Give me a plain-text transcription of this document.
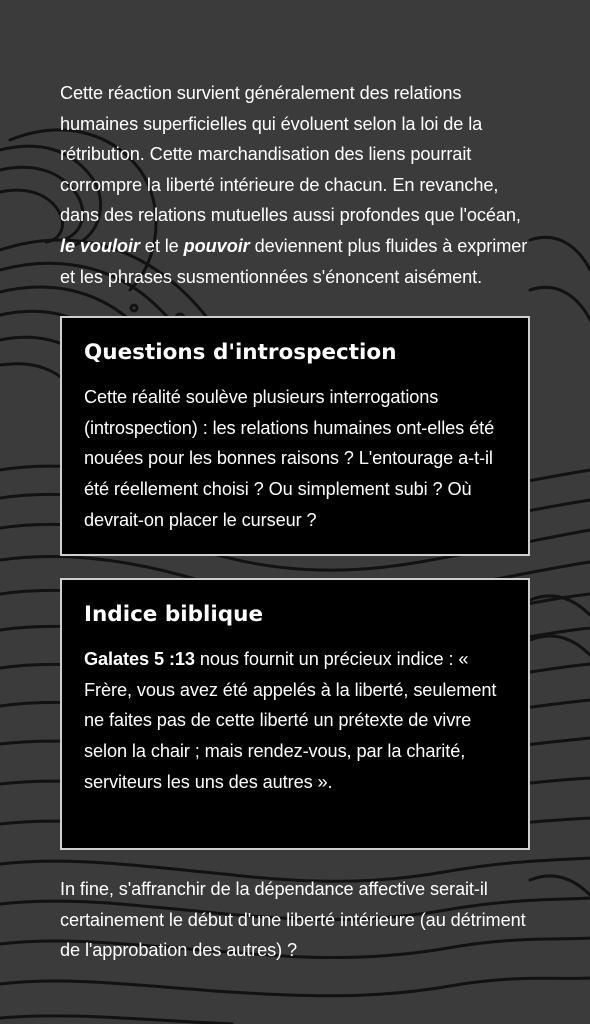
Cette réaction survient généralement des relations humaines superficielles qui évoluent selon la loi de la rétribution. Cette marchandisation des liens pourrait corrompre la liberté intérieure de chacun. En revanche, dans des relations mutuelles aussi profondes que l'océan, le vouloir et le pouvoir deviennent plus fluides à exprimer et les phrases susmentionnées s'énoncent aisément.

Questions d'introspection

Cette réalité soulève plusieurs interrogations (introspection) : les relations humaines ont-elles été nouées pour les bonnes raisons ? L'entourage a-t-il été réellement choisi ? Ou simplement subi ? Où devrait-on placer le curseur ?

Indice biblique

Galates 5 :13 nous fournit un précieux indice : « Frère, vous avez été appelés à la liberté, seulement ne faites pas de cette liberté un prétexte de vivre selon la chair ; mais rendez-vous, par la charité, serviteurs les uns des autres ».

In fine, s'affranchir de la dépendance affective serait-il certainement le début d'une liberté intérieure (au détriment de l'approbation des autres) ?
